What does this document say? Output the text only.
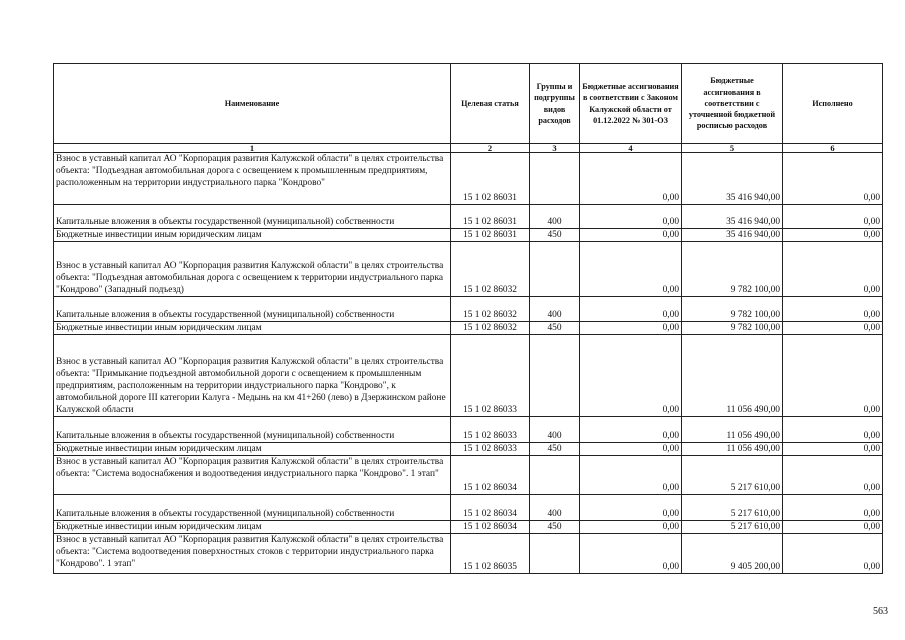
Наименование	Целевая статья	Группы и подгруппы видов расходов	Бюджетные ассигнования в соответствии с Законом Калужской области от 01.12.2022 № 301-ОЗ	Бюджетные ассигнования в соответствии с уточненной бюджетной росписью расходов	Исполнено
1	2	3	4	5	6
Взнос в уставный капитал АО "Корпорация развития Калужской области" в целях строительства объекта: "Подъездная автомобильная дорога с освещением к промышленным предприятиям, расположенным на территории индустриального парка "Кондрово"	15 1 02 86031		0,00	35 416 940,00	0,00
Капитальные вложения в объекты государственной (муниципальной) собственности	15 1 02 86031	400	0,00	35 416 940,00	0,00
Бюджетные инвестиции иным юридическим лицам	15 1 02 86031	450	0,00	35 416 940,00	0,00
Взнос в уставный капитал АО "Корпорация развития Калужской области" в целях строительства объекта: "Подъездная автомобильная дорога с освещением к территории индустриального парка "Кондрово" (Западный подъезд)	15 1 02 86032		0,00	9 782 100,00	0,00
Капитальные вложения в объекты государственной (муниципальной) собственности	15 1 02 86032	400	0,00	9 782 100,00	0,00
Бюджетные инвестиции иным юридическим лицам	15 1 02 86032	450	0,00	9 782 100,00	0,00
Взнос в уставный капитал АО "Корпорация развития Калужской области" в целях строительства объекта: "Примыкание подъездной автомобильной дороги с освещением к промышленным предприятиям, расположенным на территории индустриального парка "Кондрово", к автомобильной дороге III категории Калуга - Медынь на км 41+260 (лево) в Дзержинском районе Калужской области	15 1 02 86033		0,00	11 056 490,00	0,00
Капитальные вложения в объекты государственной (муниципальной) собственности	15 1 02 86033	400	0,00	11 056 490,00	0,00
Бюджетные инвестиции иным юридическим лицам	15 1 02 86033	450	0,00	11 056 490,00	0,00
Взнос в уставный капитал АО "Корпорация развития Калужской области" в целях строительства объекта: "Система водоснабжения и водоотведения индустриального парка "Кондрово". 1 этап"	15 1 02 86034		0,00	5 217 610,00	0,00
Капитальные вложения в объекты государственной (муниципальной) собственности	15 1 02 86034	400	0,00	5 217 610,00	0,00
Бюджетные инвестиции иным юридическим лицам	15 1 02 86034	450	0,00	5 217 610,00	0,00
Взнос в уставный капитал АО "Корпорация развития Калужской области" в целях строительства объекта: "Система водоотведения поверхностных стоков с территории индустриального парка "Кондрово". 1 этап"	15 1 02 86035		0,00	9 405 200,00	0,00
563
